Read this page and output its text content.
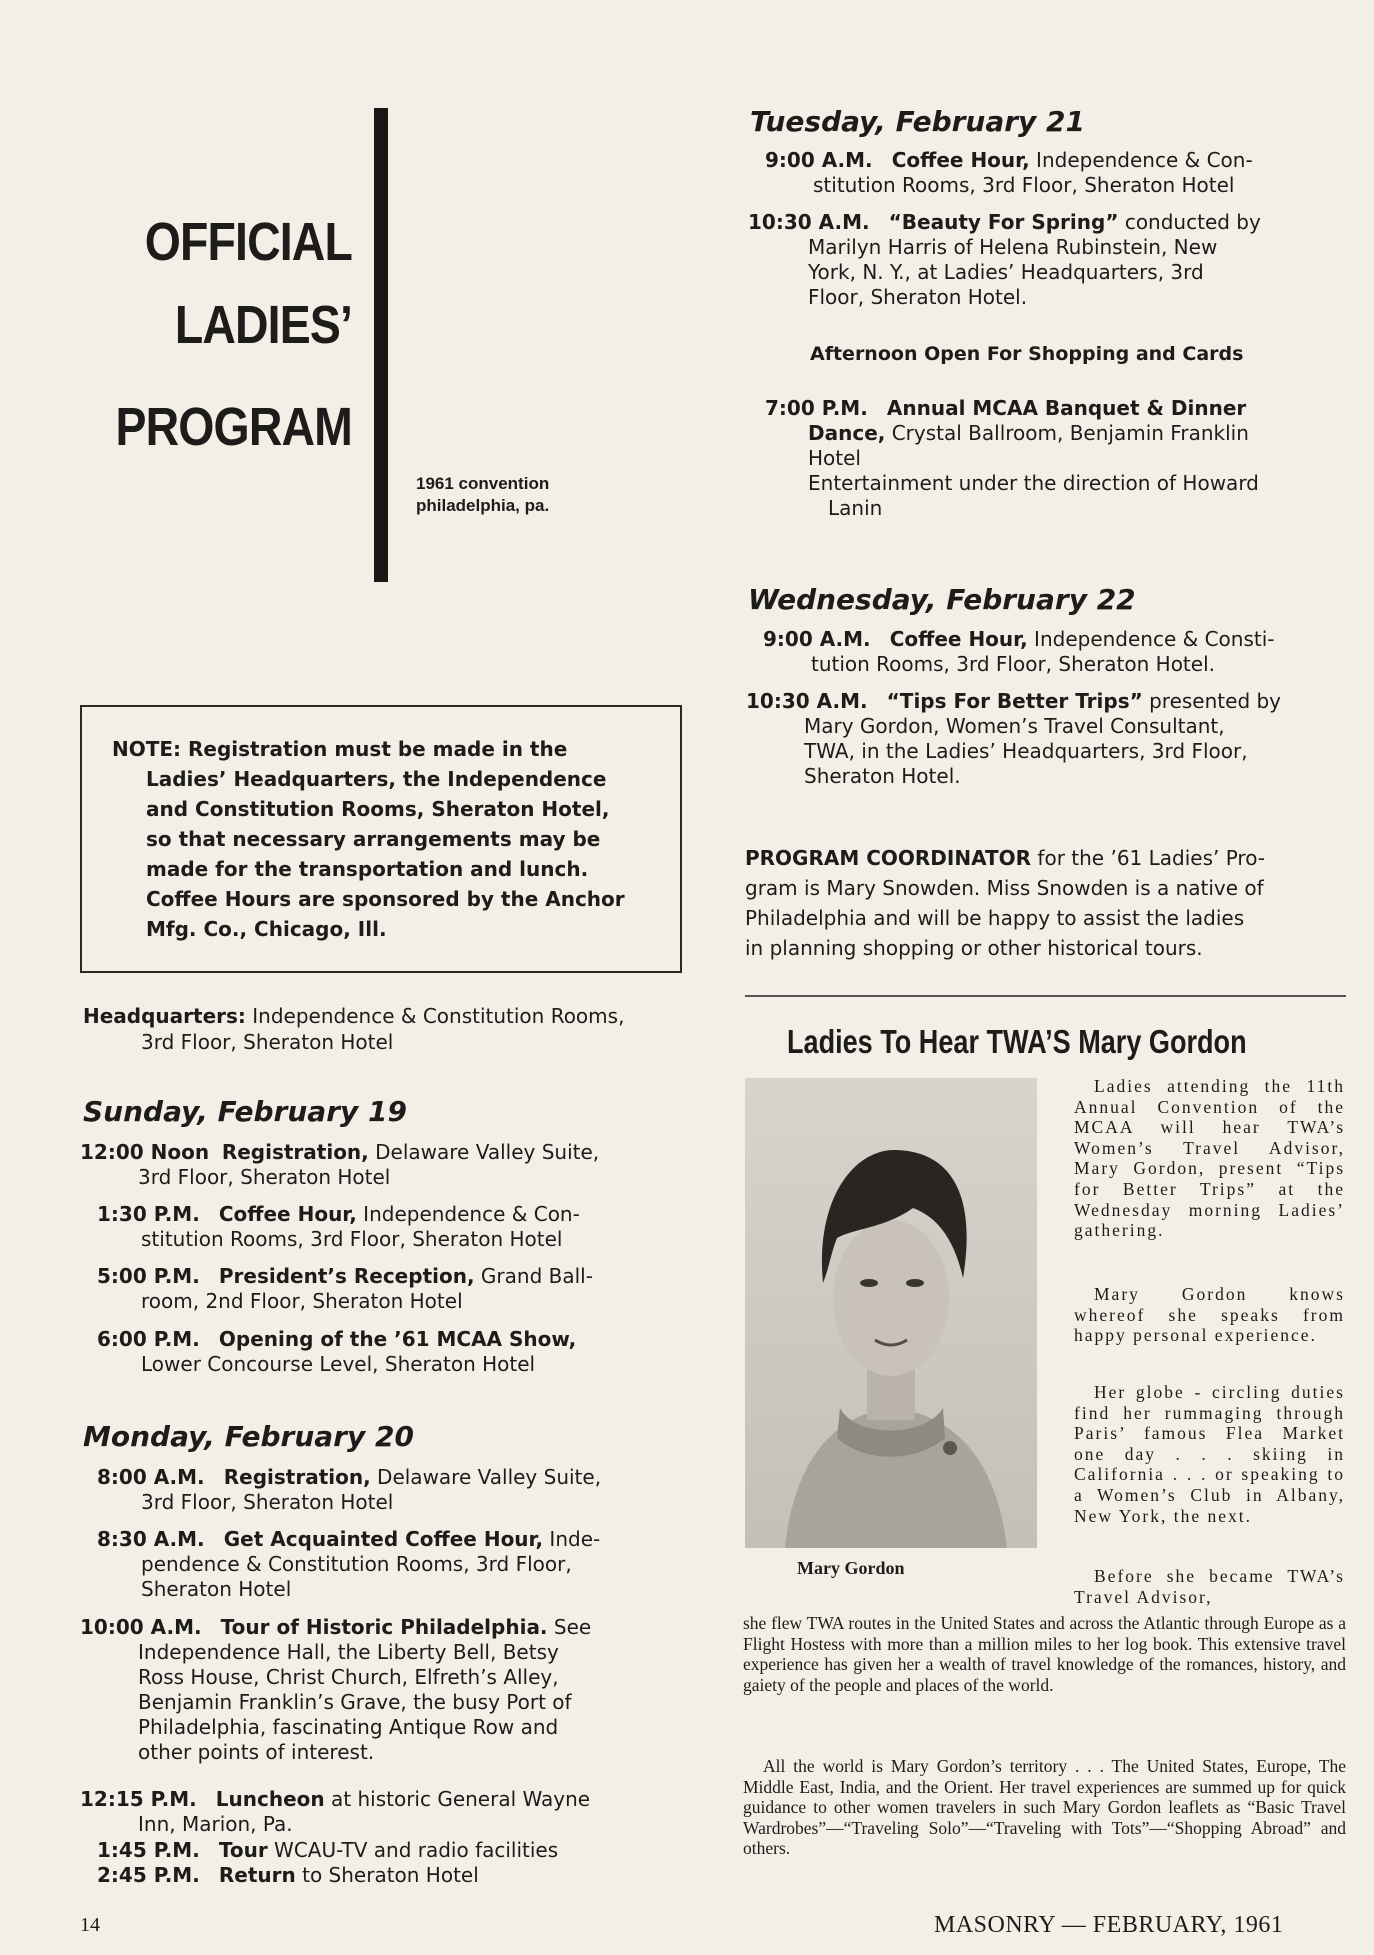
OFFICIAL
LADIES’
PROGRAM
1961 convention
philadelphia, pa.
NOTE: Registration must be made in the
Ladies’ Headquarters, the Independence
and Constitution Rooms, Sheraton Hotel,
so that necessary arrangements may be
made for the transportation and lunch.
Coffee Hours are sponsored by the Anchor
Mfg. Co., Chicago, Ill.
Headquarters: Independence & Constitution Rooms,
3rd Floor, Sheraton Hotel
Sunday, February 19
12:00 Noon Registration, Delaware Valley Suite,
3rd Floor, Sheraton Hotel
1:30 P.M. Coffee Hour, Independence & Con-
stitution Rooms, 3rd Floor, Sheraton Hotel
5:00 P.M. President’s Reception, Grand Ball-
room, 2nd Floor, Sheraton Hotel
6:00 P.M. Opening of the ’61 MCAA Show,
Lower Concourse Level, Sheraton Hotel
Monday, February 20
8:00 A.M. Registration, Delaware Valley Suite,
3rd Floor, Sheraton Hotel
8:30 A.M. Get Acquainted Coffee Hour, Inde-
pendence & Constitution Rooms, 3rd Floor,
Sheraton Hotel
10:00 A.M. Tour of Historic Philadelphia. See
Independence Hall, the Liberty Bell, Betsy
Ross House, Christ Church, Elfreth’s Alley,
Benjamin Franklin’s Grave, the busy Port of
Philadelphia, fascinating Antique Row and
other points of interest.
12:15 P.M. Luncheon at historic General Wayne
Inn, Marion, Pa.
1:45 P.M. Tour WCAU-TV and radio facilities
2:45 P.M. Return to Sheraton Hotel
Tuesday, February 21
9:00 A.M. Coffee Hour, Independence & Con-
stitution Rooms, 3rd Floor, Sheraton Hotel
10:30 A.M. “Beauty For Spring” conducted by
Marilyn Harris of Helena Rubinstein, New
York, N. Y., at Ladies’ Headquarters, 3rd
Floor, Sheraton Hotel.
Afternoon Open For Shopping and Cards
7:00 P.M. Annual MCAA Banquet & Dinner
Dance, Crystal Ballroom, Benjamin Franklin
Hotel
Entertainment under the direction of Howard
Lanin
Wednesday, February 22
9:00 A.M. Coffee Hour, Independence & Consti-
tution Rooms, 3rd Floor, Sheraton Hotel.
10:30 A.M. “Tips For Better Trips” presented by
Mary Gordon, Women’s Travel Consultant,
TWA, in the Ladies’ Headquarters, 3rd Floor,
Sheraton Hotel.
PROGRAM COORDINATOR for the ’61 Ladies’ Pro-
gram is Mary Snowden. Miss Snowden is a native of
Philadelphia and will be happy to assist the ladies
in planning shopping or other historical tours.
Ladies To Hear TWA’S Mary Gordon
Mary Gordon

Ladies attending the 11th Annual Convention of the MCAA will hear TWA’s Women’s Travel Advisor, Mary Gordon, present “Tips for Better Trips” at the Wednesday morning Ladies’ gathering.

Mary Gordon knows whereof she speaks from happy personal experience.

Her globe - circling duties find her rummaging through Paris’ famous Flea Market one day . . . skiing in California . . . or speaking to a Women’s Club in Albany, New York, the next.

Before she became TWA’s Travel Advisor,

she flew TWA routes in the United States and across the Atlantic through Europe as a Flight Hostess with more than a million miles to her log book. This extensive travel experience has given her a wealth of travel knowledge of the romances, history, and gaiety of the people and places of the world.

All the world is Mary Gordon’s territory . . . The United States, Europe, The Middle East, India, and the Orient. Her travel experiences are summed up for quick guidance to other women travelers in such Mary Gordon leaflets as “Basic Travel Wardrobes”—“Traveling Solo”—“Traveling with Tots”—“Shopping Abroad” and others.

14	MASONRY — FEBRUARY, 1961
